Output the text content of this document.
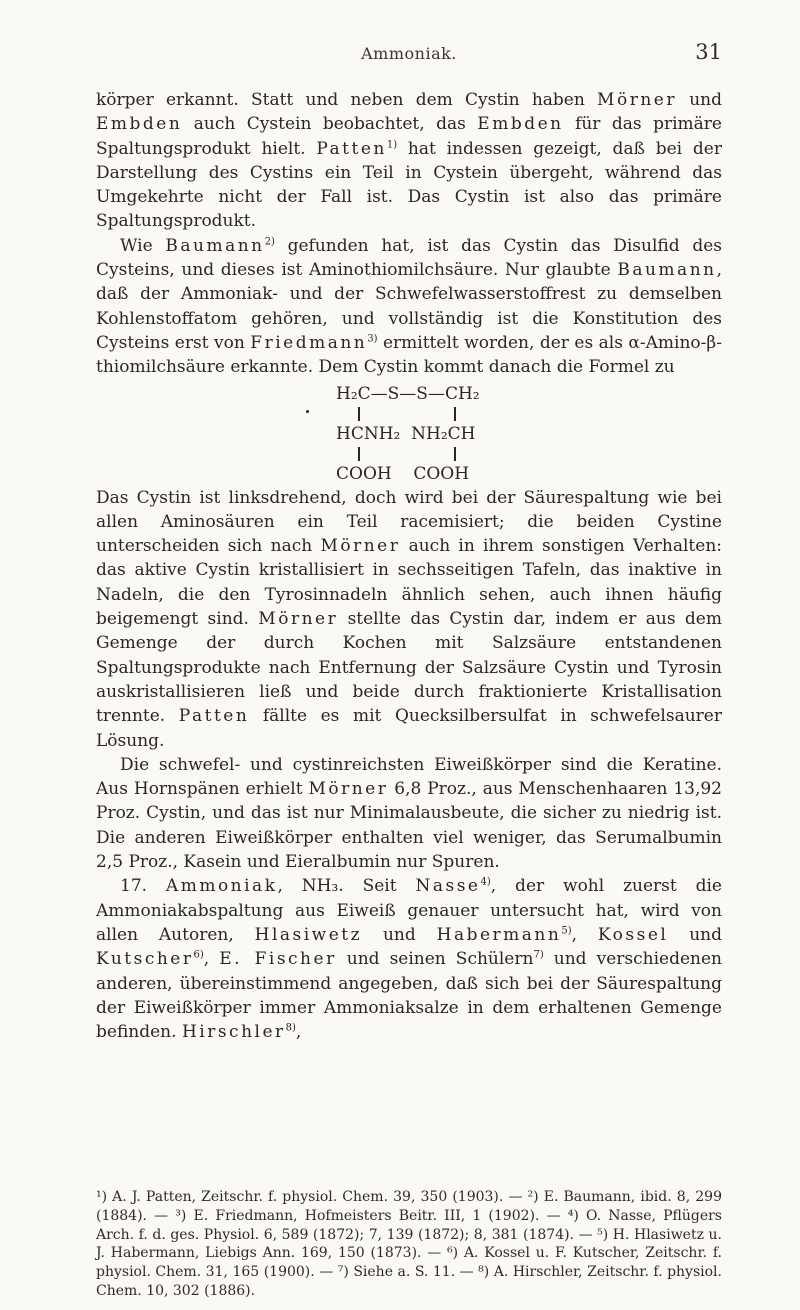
Ammoniak.	31

körper erkannt. Statt und neben dem Cystin haben Mörner und Embden auch Cystein beobachtet, das Embden für das primäre Spaltungsprodukt hielt. Patten$^{1)}$ hat indessen gezeigt, daß bei der Darstellung des Cystins ein Teil in Cystein übergeht, während das Umgekehrte nicht der Fall ist. Das Cystin ist also das primäre Spaltungsprodukt.

Wie Baumann$^{2)}$ gefunden hat, ist das Cystin das Disulfid des Cysteins, und dieses ist Aminothiomilchsäure. Nur glaubte Baumann, daß der Ammoniak- und der Schwefelwasserstoffrest zu demselben Kohlenstoffatom gehören, und vollständig ist die Konstitution des Cysteins erst von Friedmann$^{3)}$ ermittelt worden, der es als α-Amino-β-thiomilchsäure erkannte. Dem Cystin kommt danach die Formel zu

H₂C—S—S—CH₂

HCNH₂  NH₂CH

COOH    COOH

Das Cystin ist linksdrehend, doch wird bei der Säurespaltung wie bei allen Aminosäuren ein Teil racemisiert; die beiden Cystine unterscheiden sich nach Mörner auch in ihrem sonstigen Verhalten: das aktive Cystin kristallisiert in sechsseitigen Tafeln, das inaktive in Nadeln, die den Tyrosinnadeln ähnlich sehen, auch ihnen häufig beigemengt sind. Mörner stellte das Cystin dar, indem er aus dem Gemenge der durch Kochen mit Salzsäure entstandenen Spaltungsprodukte nach Entfernung der Salzsäure Cystin und Tyrosin auskristallisieren ließ und beide durch fraktionierte Kristallisation trennte. Patten fällte es mit Quecksilbersulfat in schwefelsaurer Lösung.

Die schwefel- und cystinreichsten Eiweißkörper sind die Keratine. Aus Hornspänen erhielt Mörner 6,8 Proz., aus Menschenhaaren 13,92 Proz. Cystin, und das ist nur Minimalausbeute, die sicher zu niedrig ist. Die anderen Eiweißkörper enthalten viel weniger, das Serumalbumin 2,5 Proz., Kasein und Eieralbumin nur Spuren.

17. Ammoniak, NH₃. Seit Nasse$^{4)}$, der wohl zuerst die Ammoniakabspaltung aus Eiweiß genauer untersucht hat, wird von allen Autoren, Hlasiwetz und Habermann$^{5)}$, Kossel und Kutscher$^{6)}$, E. Fischer und seinen Schülern$^{7)}$ und verschiedenen anderen, übereinstimmend angegeben, daß sich bei der Säurespaltung der Eiweißkörper immer Ammoniaksalze in dem erhaltenen Gemenge befinden. Hirschler$^{8)}$,

¹) A. J. Patten, Zeitschr. f. physiol. Chem. 39, 350 (1903). — ²) E. Baumann, ibid. 8, 299 (1884). — ³) E. Friedmann, Hofmeisters Beitr. III, 1 (1902). — ⁴) O. Nasse, Pflügers Arch. f. d. ges. Physiol. 6, 589 (1872); 7, 139 (1872); 8, 381 (1874). — ⁵) H. Hlasiwetz u. J. Habermann, Liebigs Ann. 169, 150 (1873). — ⁶) A. Kossel u. F. Kutscher, Zeitschr. f. physiol. Chem. 31, 165 (1900). — ⁷) Siehe a. S. 11. — ⁸) A. Hirschler, Zeitschr. f. physiol. Chem. 10, 302 (1886).
